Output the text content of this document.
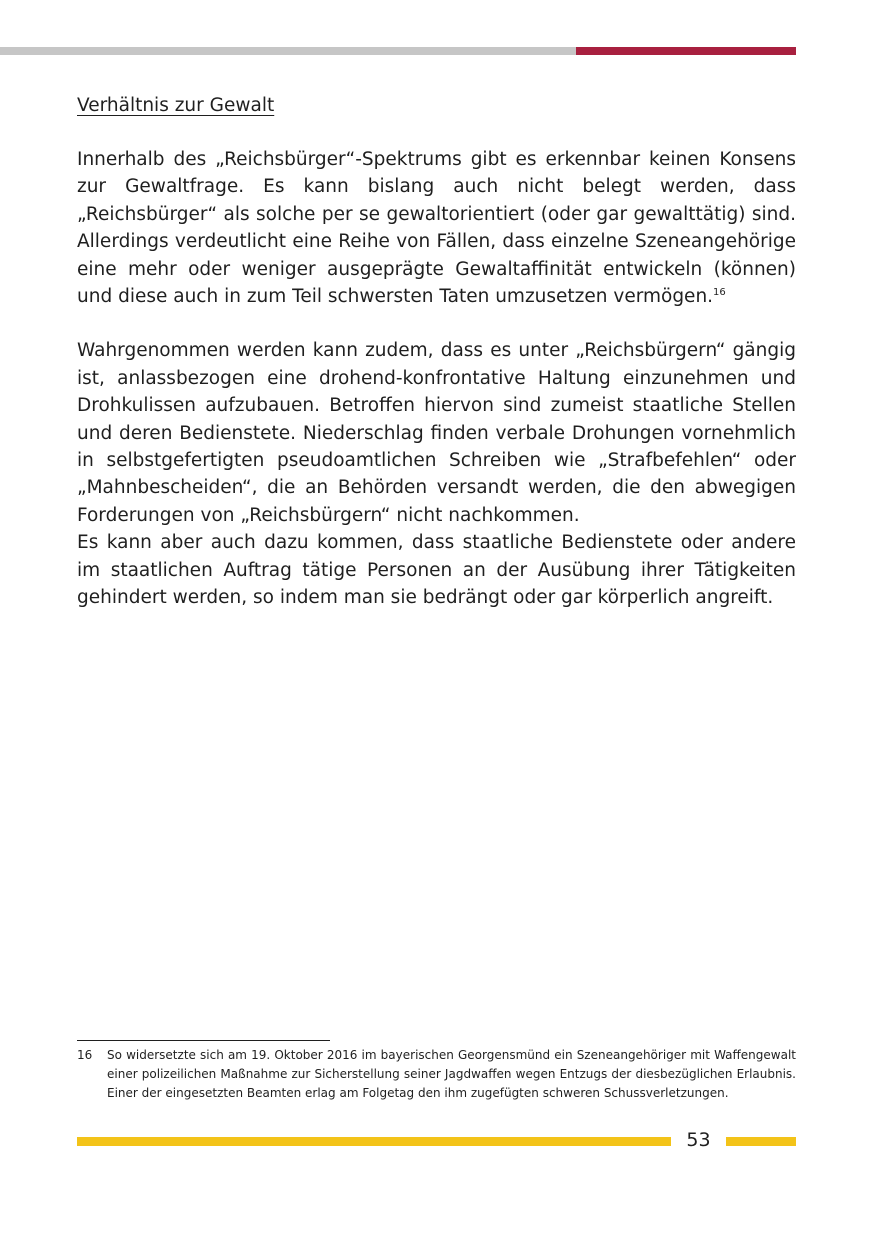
Verhältnis zur Gewalt

Innerhalb des „Reichsbürger“-Spektrums gibt es erkennbar keinen Konsens zur Gewaltfrage. Es kann bislang auch nicht belegt werden, dass „Reichsbürger“ als solche per se gewaltorientiert (oder gar gewalttätig) sind. Allerdings verdeutlicht eine Reihe von Fällen, dass einzelne Szeneangehörige eine mehr oder weniger ausgeprägte Gewaltaffinität entwickeln (können) und diese auch in zum Teil schwersten Taten umzusetzen vermögen.$^{16}$

Wahrgenommen werden kann zudem, dass es unter „Reichsbürgern“ gängig ist, anlassbezogen eine drohend-konfrontative Haltung einzunehmen und Drohkulissen aufzubauen. Betroffen hiervon sind zumeist staatliche Stellen und deren Bedienstete. Niederschlag finden verbale Drohungen vornehmlich in selbstgefertigten pseudoamtlichen Schreiben wie „Strafbefehlen“ oder „Mahnbescheiden“, die an Behörden versandt werden, die den abwegigen Forderungen von „Reichsbürgern“ nicht nachkommen.

Es kann aber auch dazu kommen, dass staatliche Bedienstete oder andere im staatlichen Auftrag tätige Personen an der Ausübung ihrer Tätigkeiten gehindert werden, so indem man sie bedrängt oder gar körperlich angreift.

16	So widersetzte sich am 19. Oktober 2016 im bayerischen Georgensmünd ein Szeneangehöriger mit Waffengewalt einer polizeilichen Maßnahme zur Sicherstellung seiner Jagdwaffen wegen Entzugs der diesbezüglichen Erlaubnis. Einer der eingesetzten Beamten erlag am Folgetag den ihm zugefügten schweren Schussverletzungen.
53
